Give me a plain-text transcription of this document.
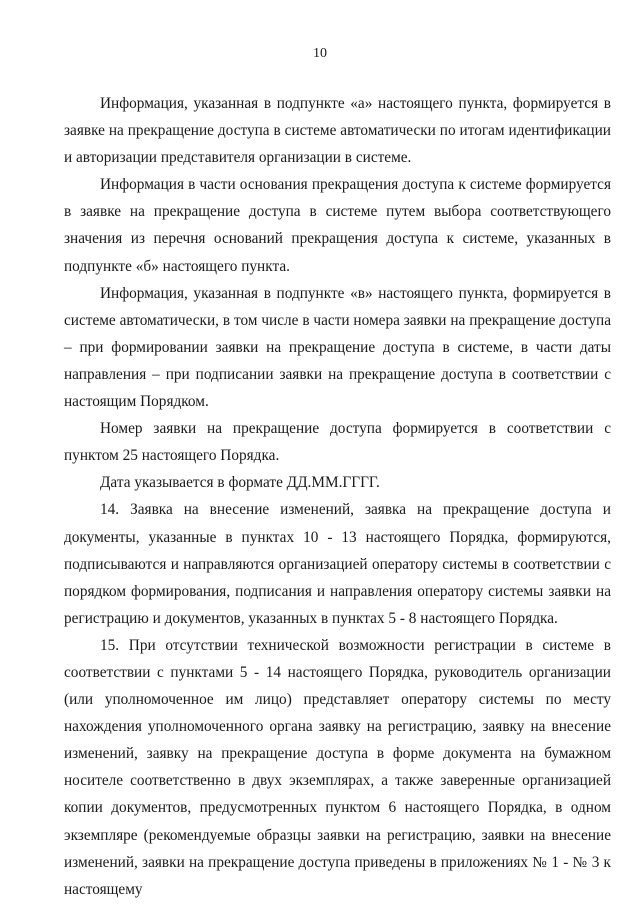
10

Информация, указанная в подпункте «а» настоящего пункта, формируется в заявке на прекращение доступа в системе автоматически по итогам идентификации и авторизации представителя организации в системе.

Информация в части основания прекращения доступа к системе формируется в заявке на прекращение доступа в системе путем выбора соответствующего значения из перечня оснований прекращения доступа к системе, указанных в подпункте «б» настоящего пункта.

Информация, указанная в подпункте «в» настоящего пункта, формируется в системе автоматически, в том числе в части номера заявки на прекращение доступа – при формировании заявки на прекращение доступа в системе, в части даты направления – при подписании заявки на прекращение доступа в соответствии с настоящим Порядком.

Номер заявки на прекращение доступа формируется в соответствии с пунктом 25 настоящего Порядка.

Дата указывается в формате ДД.ММ.ГГГГ.

14. Заявка на внесение изменений, заявка на прекращение доступа и документы, указанные в пунктах 10 - 13 настоящего Порядка, формируются, подписываются и направляются организацией оператору системы в соответствии с порядком формирования, подписания и направления оператору системы заявки на регистрацию и документов, указанных в пунктах 5 - 8 настоящего Порядка.

15. При отсутствии технической возможности регистрации в системе в соответствии с пунктами 5 - 14 настоящего Порядка, руководитель организации (или уполномоченное им лицо) представляет оператору системы по месту нахождения уполномоченного органа заявку на регистрацию, заявку на внесение изменений, заявку на прекращение доступа в форме документа на бумажном носителе соответственно в двух экземплярах, а также заверенные организацией копии документов, предусмотренных пунктом 6 настоящего Порядка, в одном экземпляре (рекомендуемые образцы заявки на регистрацию, заявки на внесение изменений, заявки на прекращение доступа приведены в приложениях № 1 - № 3 к настоящему
